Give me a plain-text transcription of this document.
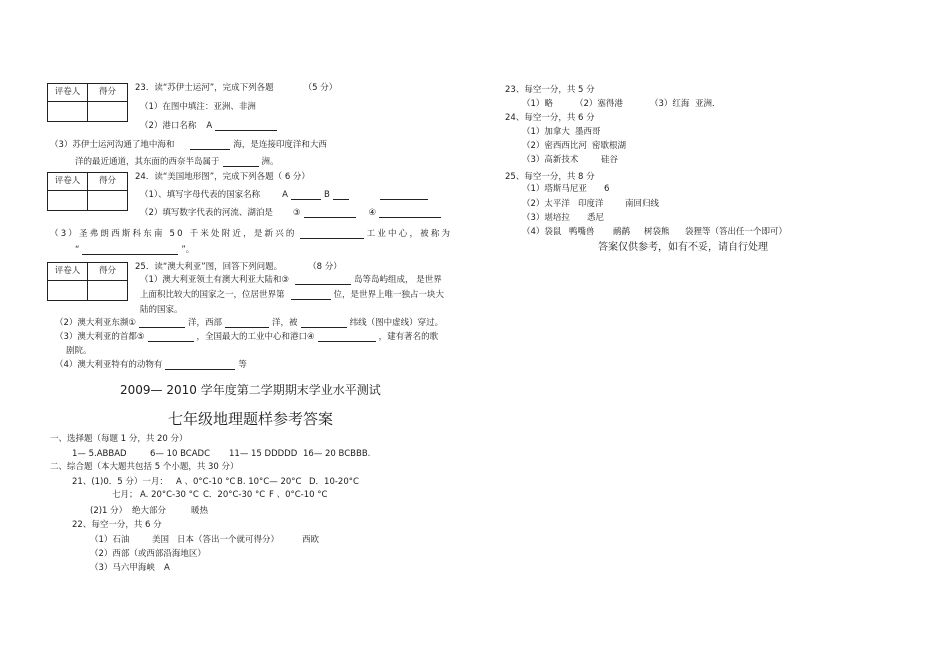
评卷人	得分	23．读“苏伊士运河”，完成下列各题	（5 分）
（1）在图中填注：亚洲、非洲
（2）港口名称 A
（3）苏伊士运河沟通了地中海和	海，是连接印度洋和大西
洋的最近通道，其东面的西奈半岛属于	洲。
评卷人	得分	24．读“美国地形图”，完成下列各题（ 6 分）
（1）、填写字母代表的国家名称	A	B
（2）填写数字代表的河流、湖泊是 ③	④
（3）圣弗朗西斯科东南 50 千米处附近，是新兴的	工业中心，被称为
“	”。
评卷人	得分	25．读“澳大利亚”图，回答下列问题。	（8 分）
（1）澳大利亚领土有澳大利亚大陆和③	岛等岛屿组成， 是世界
上面积比较大的国家之一，位居世界第	位，是世界上唯一独占一块大
陆的国家。
（2）澳大利亚东濒①	洋，西部	洋，被	纬线（图中虚线）穿过。
（3）澳大利亚的首都⑤	，全国最大的工业中心和港口④	，建有著名的歌
剧院。
（4）澳大利亚特有的动物有	等
2009— 2010 学年度第二学期期末学业水平测试
七年级地理题样参考答案
一、选择题（每题 1 分，共 20 分）
1— 5.ABBAD	6— 10 BCADC 11— 15 DDDDD 16— 20 BCBBB.
二、综合题（本大题共包括 5 个小题，共 30 分）
21、(1)0．5 分）一月： A 、0°C-10 °C B. 10°C— 20°C D．10-20°C
七月； A. 20°C-30 °C C．20°C-30 °C F 、0°C-10 °C
(2)1 分） 绝大部分	暖热
22、每空一分，共 6 分
（1）石油	美国 日本（答出一个就可得分）	西欧
（2）西部（或西部沿海地区）
（3）马六甲海峡 A
23、每空一分，共 5 分
（1）略	（2）塞得港	（3）红海 亚洲．
24、每空一分，共 6 分
（1）加拿大 墨西哥
（2）密西西比河 密歇根湖
（3）高新技术	硅谷
25、每空一分，共 8 分
（1）塔斯马尼亚 6
（2）太平洋 印度洋	南回归线
（3）堪培拉 悉尼
（4）袋鼠 鸭嘴兽 鸸鹋 树袋熊 袋狸等（答出任一个即可）
答案仅供参考，如有不妥，请自行处理
